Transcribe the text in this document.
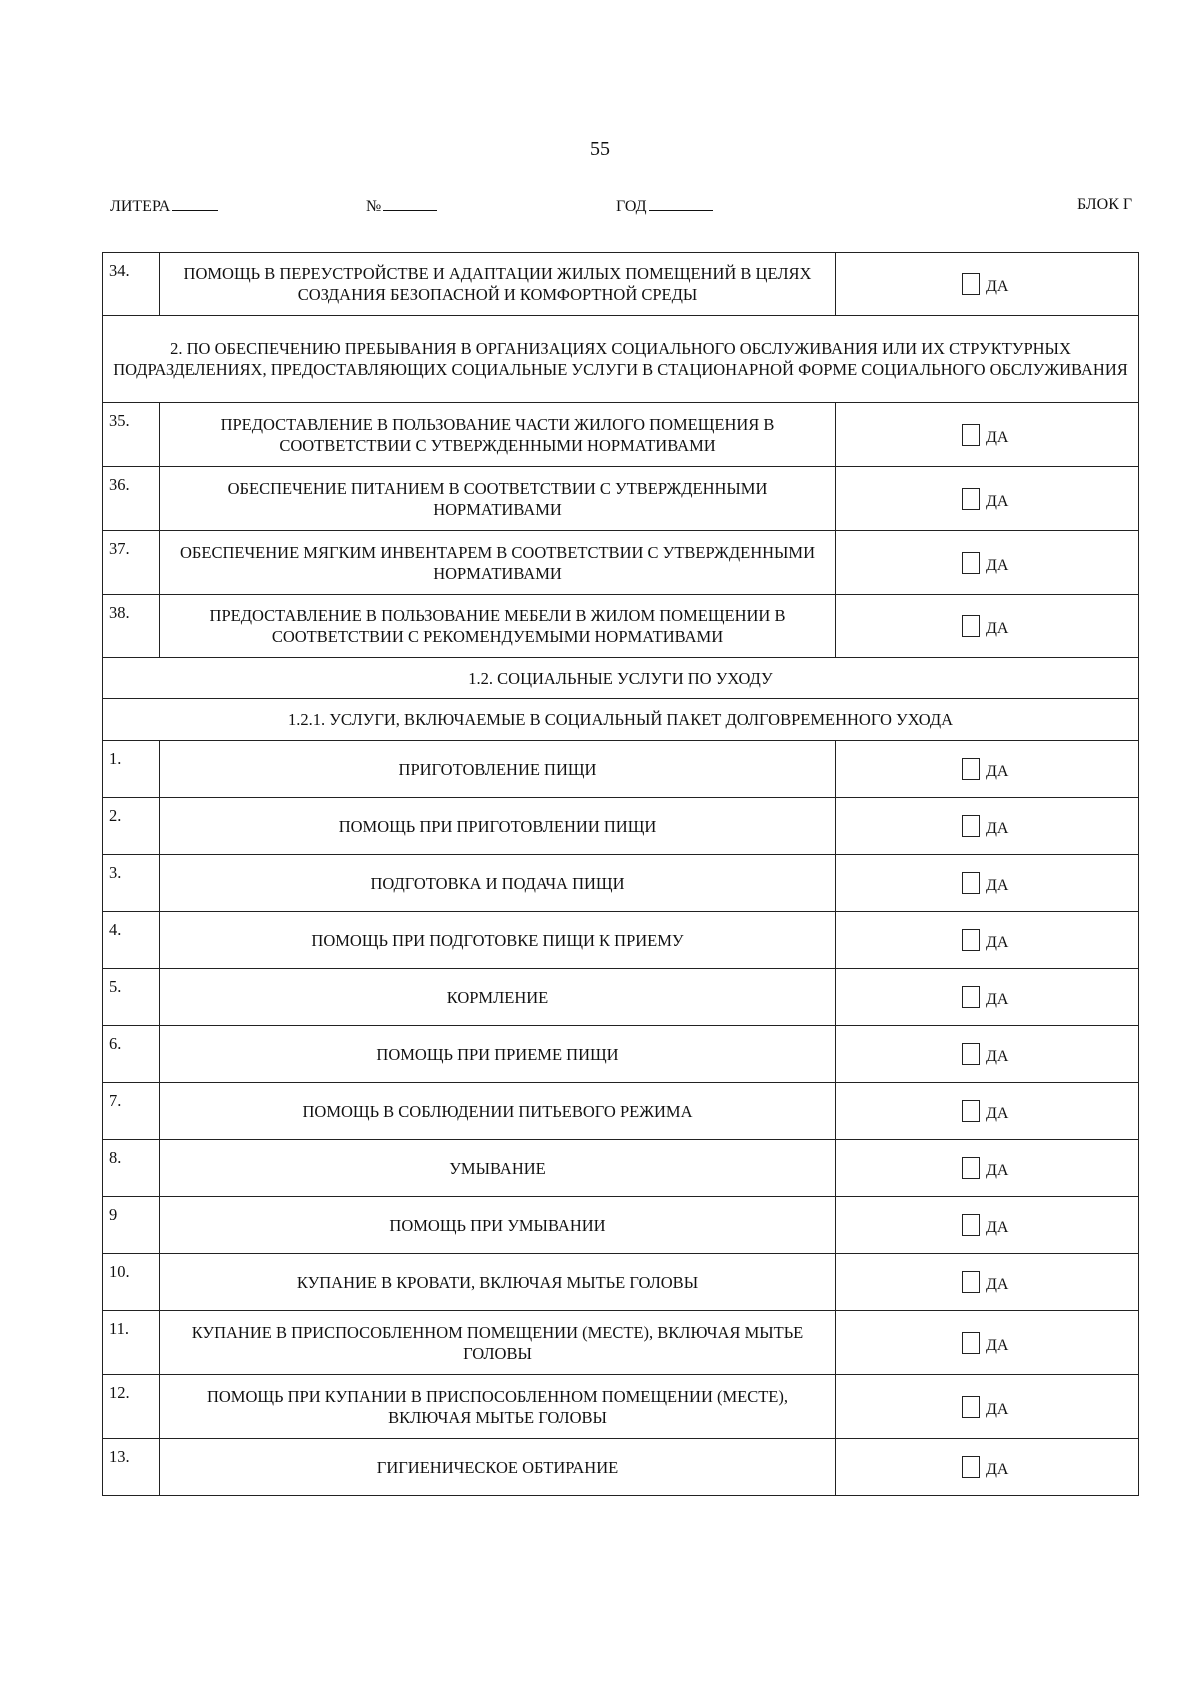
55
ЛИТЕРА	№	ГОД	БЛОК Г
34.	ПОМОЩЬ В ПЕРЕУСТРОЙСТВЕ И АДАПТАЦИИ ЖИЛЫХ ПОМЕЩЕНИЙ В ЦЕЛЯХ СОЗДАНИЯ БЕЗОПАСНОЙ И КОМФОРТНОЙ СРЕДЫ	ДА

2. ПО ОБЕСПЕЧЕНИЮ ПРЕБЫВАНИЯ В ОРГАНИЗАЦИЯХ СОЦИАЛЬНОГО ОБСЛУЖИВАНИЯ ИЛИ ИХ СТРУКТУРНЫХ ПОДРАЗДЕЛЕНИЯХ, ПРЕДОСТАВЛЯЮЩИХ СОЦИАЛЬНЫЕ УСЛУГИ В СТАЦИОНАРНОЙ ФОРМЕ СОЦИАЛЬНОГО ОБСЛУЖИВАНИЯ		
35.	ПРЕДОСТАВЛЕНИЕ В ПОЛЬЗОВАНИЕ ЧАСТИ ЖИЛОГО ПОМЕЩЕНИЯ В СООТВЕТСТВИИ С УТВЕРЖДЕННЫМИ НОРМАТИВАМИ	ДА

36.	ОБЕСПЕЧЕНИЕ ПИТАНИЕМ В СООТВЕТСТВИИ С УТВЕРЖДЕННЫМИ НОРМАТИВАМИ	ДА

37.	ОБЕСПЕЧЕНИЕ МЯГКИМ ИНВЕНТАРЕМ В СООТВЕТСТВИИ С УТВЕРЖДЕННЫМИ НОРМАТИВАМИ	ДА

38.	ПРЕДОСТАВЛЕНИЕ В ПОЛЬЗОВАНИЕ МЕБЕЛИ В ЖИЛОМ ПОМЕЩЕНИИ В СООТВЕТСТВИИ С РЕКОМЕНДУЕМЫМИ НОРМАТИВАМИ	ДА

1.2. СОЦИАЛЬНЫЕ УСЛУГИ ПО УХОДУ		
1.2.1. УСЛУГИ, ВКЛЮЧАЕМЫЕ В СОЦИАЛЬНЫЙ ПАКЕТ ДОЛГОВРЕМЕННОГО УХОДА		
1.	ПРИГОТОВЛЕНИЕ ПИЩИ	ДА

2.	ПОМОЩЬ ПРИ ПРИГОТОВЛЕНИИ ПИЩИ	ДА

3.	ПОДГОТОВКА И ПОДАЧА ПИЩИ	ДА

4.	ПОМОЩЬ ПРИ ПОДГОТОВКЕ ПИЩИ К ПРИЕМУ	ДА

5.	КОРМЛЕНИЕ	ДА

6.	ПОМОЩЬ ПРИ ПРИЕМЕ ПИЩИ	ДА

7.	ПОМОЩЬ В СОБЛЮДЕНИИ ПИТЬЕВОГО РЕЖИМА	ДА

8.	УМЫВАНИЕ	ДА

9	ПОМОЩЬ ПРИ УМЫВАНИИ	ДА

10.	КУПАНИЕ В КРОВАТИ, ВКЛЮЧАЯ МЫТЬЕ ГОЛОВЫ	ДА

11.	КУПАНИЕ В ПРИСПОСОБЛЕННОМ ПОМЕЩЕНИИ (МЕСТЕ), ВКЛЮЧАЯ МЫТЬЕ ГОЛОВЫ	ДА

12.	ПОМОЩЬ ПРИ КУПАНИИ В ПРИСПОСОБЛЕННОМ ПОМЕЩЕНИИ (МЕСТЕ), ВКЛЮЧАЯ МЫТЬЕ ГОЛОВЫ	ДА

13.	ГИГИЕНИЧЕСКОЕ ОБТИРАНИЕ	ДА
